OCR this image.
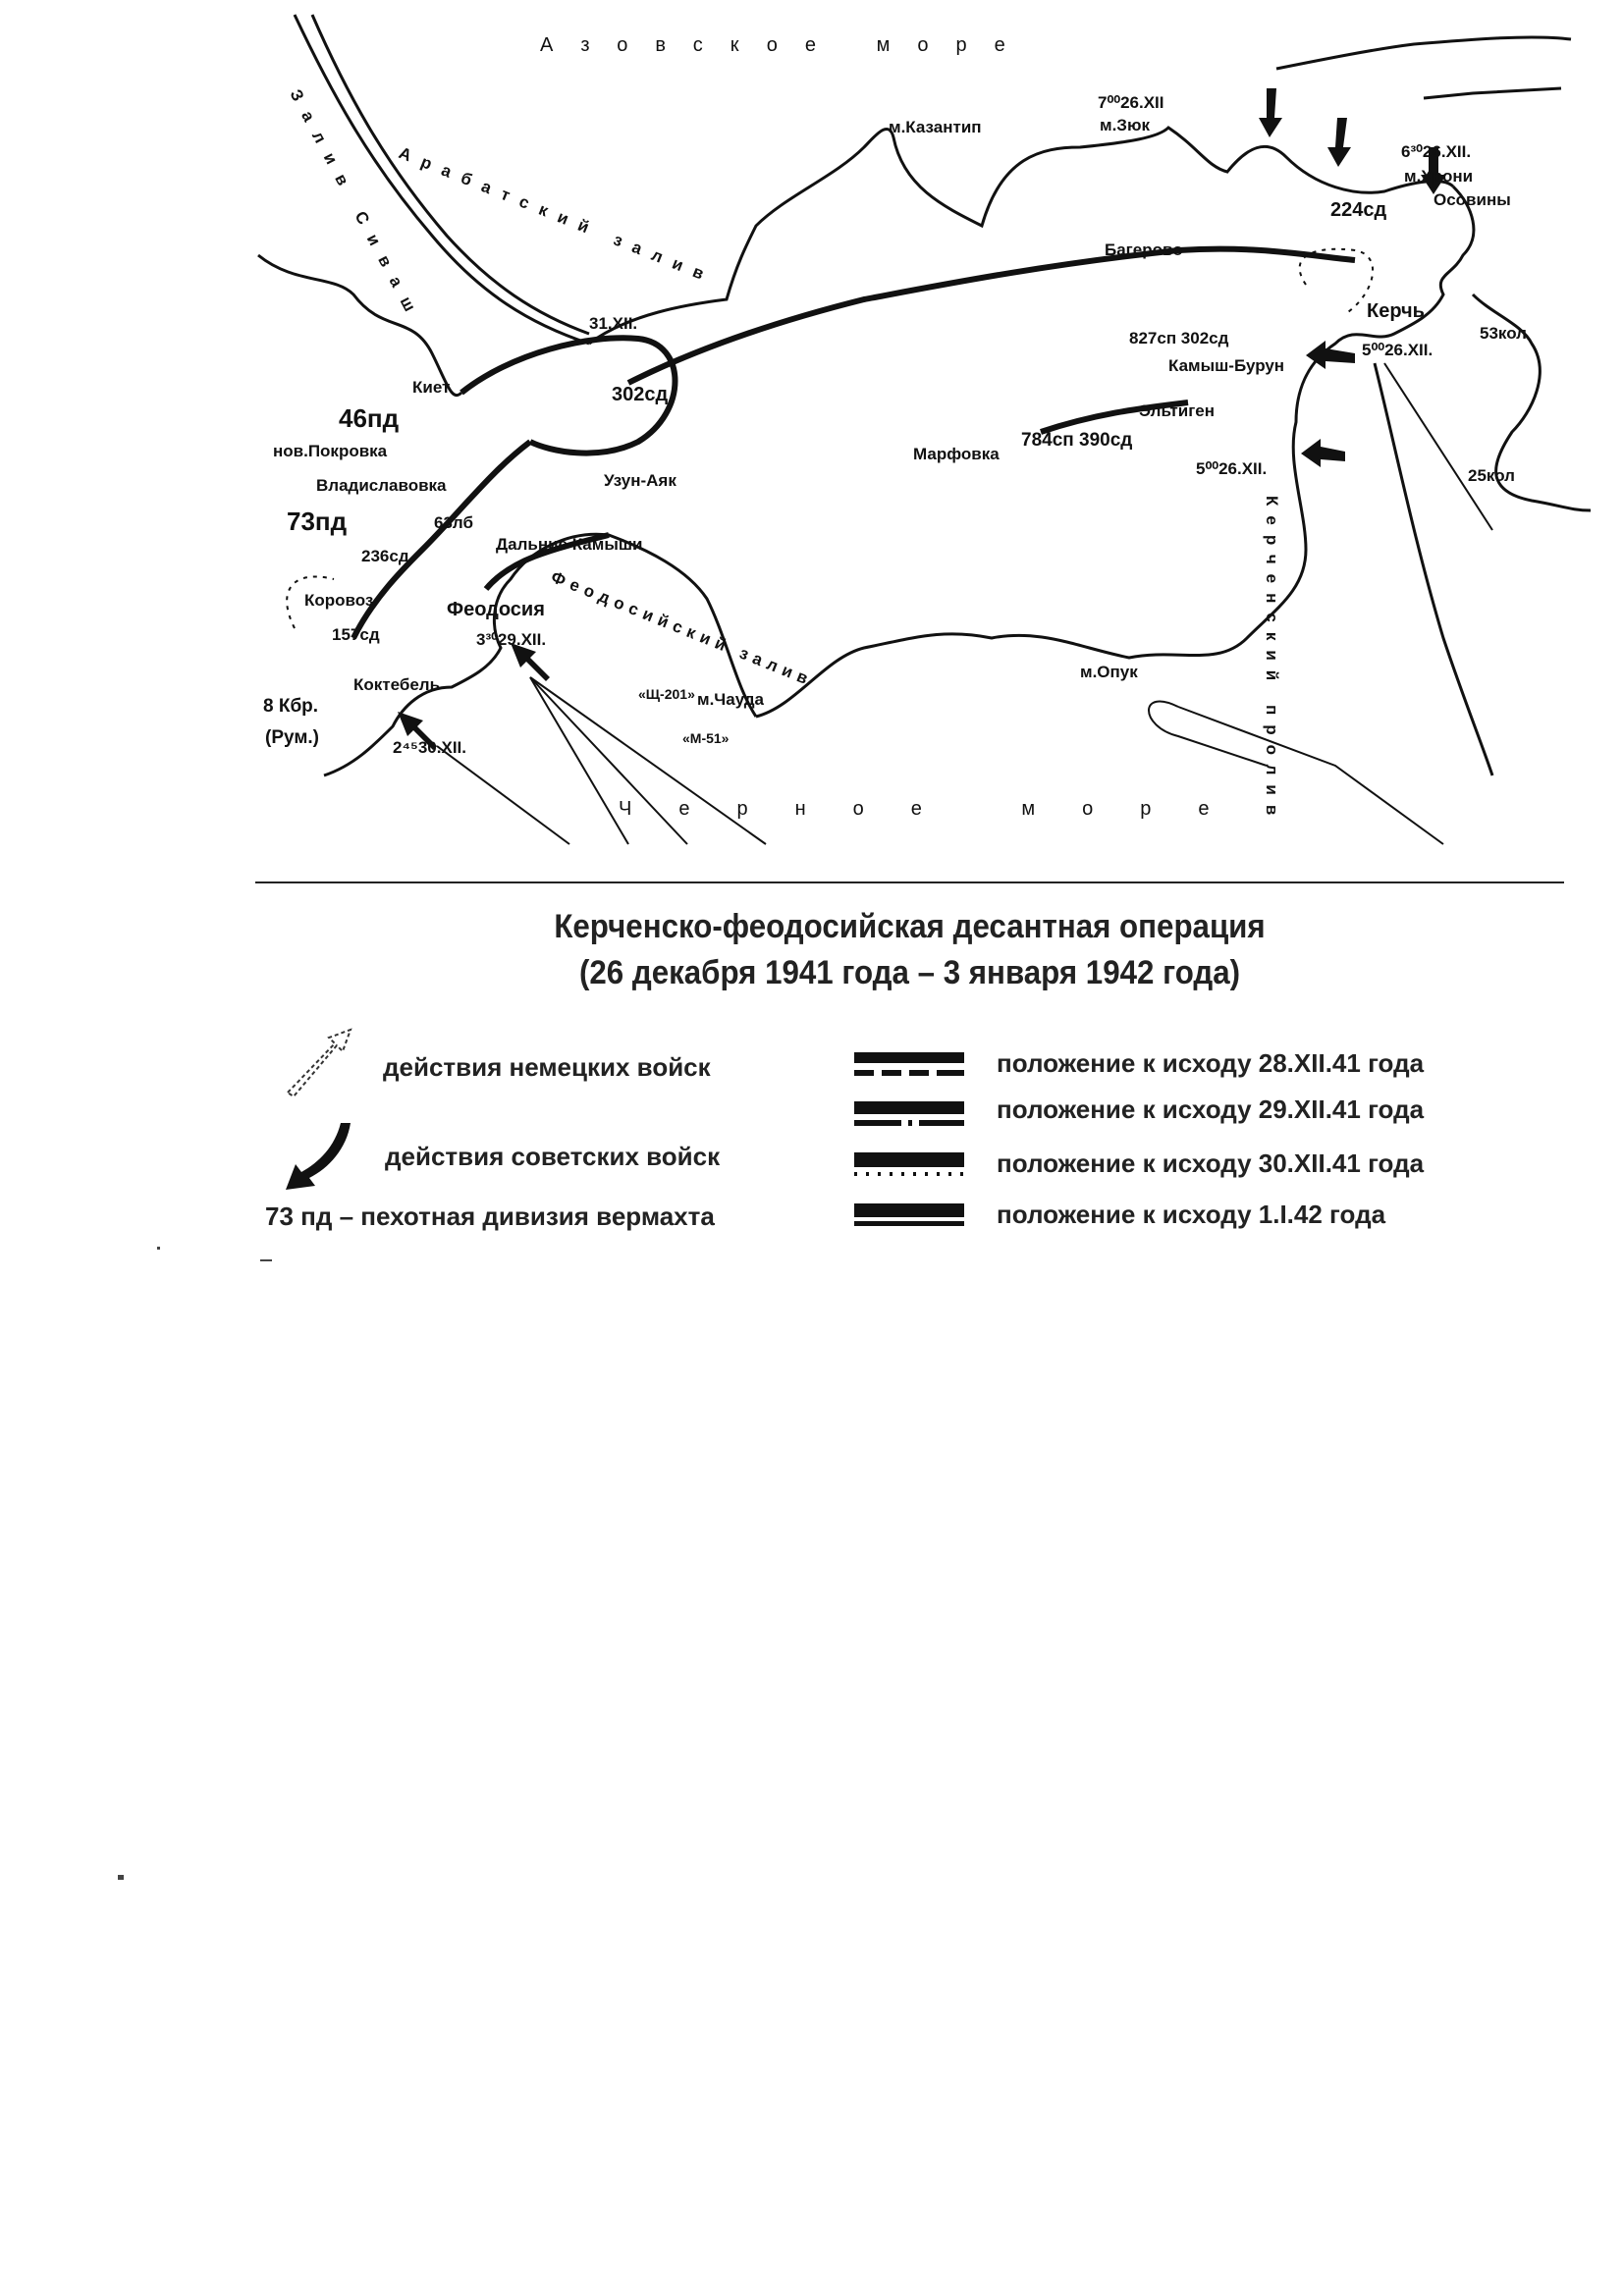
Азовское море
Черное море
Залив Сиваш
Арабатский залив
Феодосийский залив	Керченский пролив
м.Казантип	м.Зюк
м.Хрони
Осовины
Багерово
Керчь
Камыш-Бурун
Эльтиген
Марфовка
м.Опук
м.Чауда
Узун-Аяк
Дальние Камыши
Феодосия
Коктебель
Коровоз
Владиславовка
нов.Покровка
Киет
46пд
73пд
302сд
224сд
827сп 302сд
784сп 390сд
63лб
236сд
157сд
8 Кбр.
(Рум.)
53кол
25кол
«Щ-201»
«М-51»
7⁰⁰26.XII
6³⁰26.XII.
5⁰⁰26.XII.
5⁰⁰26.XII.
3³⁰29.XII.
2⁴⁵30.XII.
31.XII.
Керченско-феодосийская десантная операция
(26 декабря 1941 года – 3 января 1942 года)
действия немецких войск
действия советских войск
73 пд – пехотная дивизия вермахта
положение к исходу 28.XII.41 года
положение к исходу 29.XII.41 года
положение к исходу 30.XII.41 года
положение к исходу 1.I.42 года
